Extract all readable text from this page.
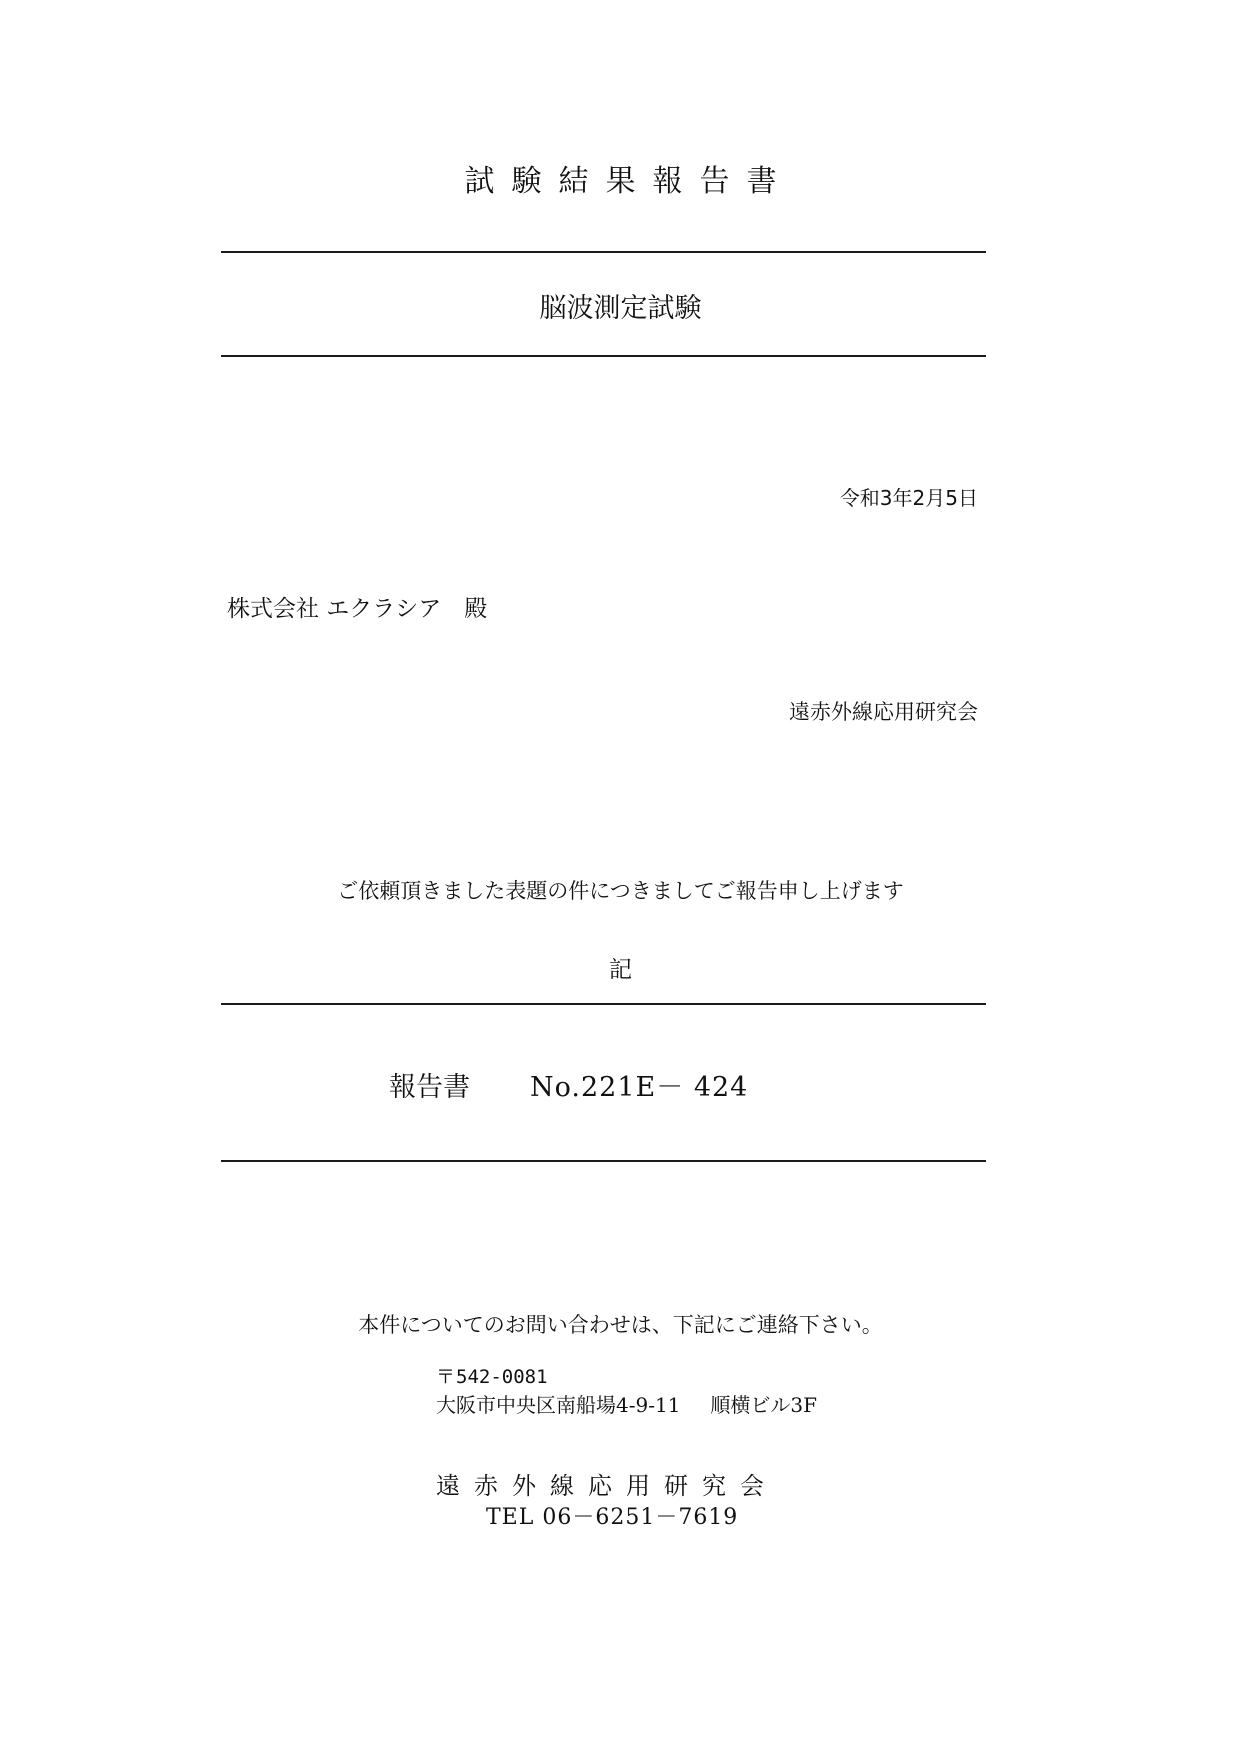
試験結果報告書
脳波測定試験
令和3年2月5日
株式会社 エクラシア　殿
遠赤外線応用研究会
ご依頼頂きました表題の件につきましてご報告申し上げます
記
報告書 No.221E－ 424
本件についてのお問い合わせは、下記にご連絡下さい。
〒542-0081
大阪市中央区南船場4-9-11 順横ビル3F
遠赤外線応用研究会
TEL 06－6251－7619
